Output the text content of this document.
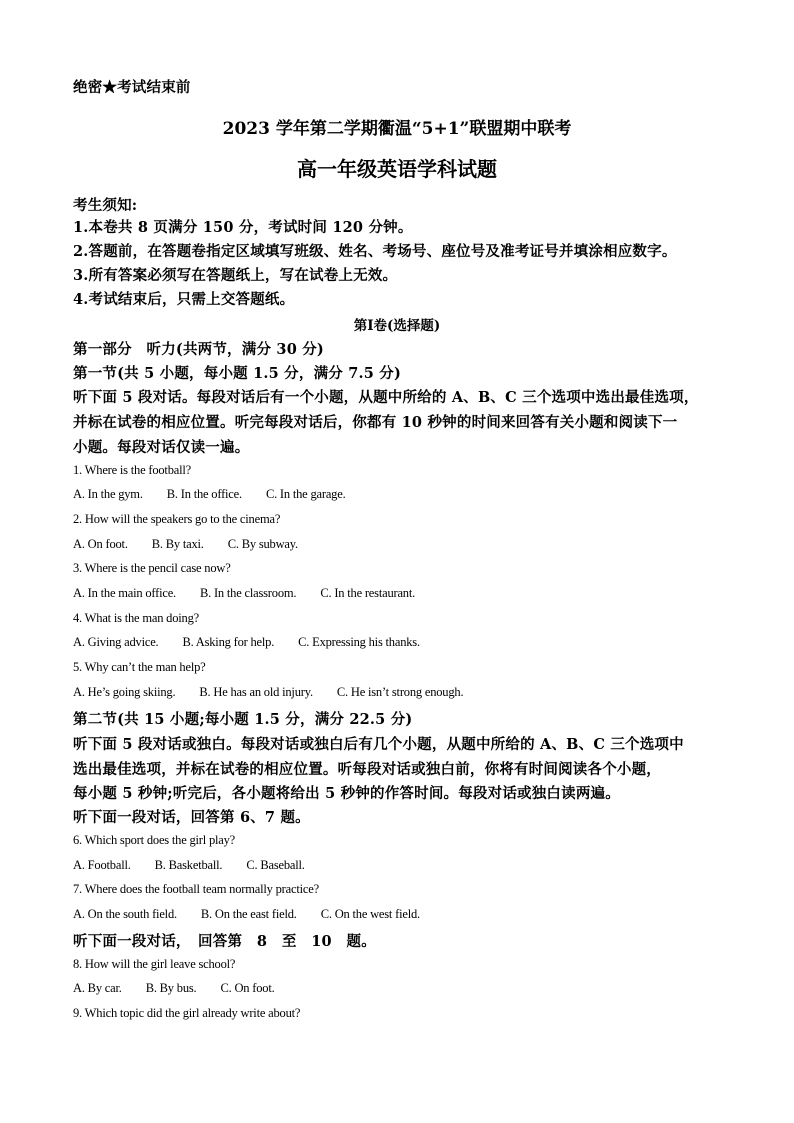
绝密★考试结束前
2023 学年第二学期衢温“5+1”联盟期中联考
高一年级英语学科试题
考生须知:
1.本卷共 8 页满分 150 分，考试时间 120 分钟。
2.答题前，在答题卷指定区域填写班级、姓名、考场号、座位号及准考证号并填涂相应数字。
3.所有答案必须写在答题纸上，写在试卷上无效。
4.考试结束后，只需上交答题纸。
第Ⅰ卷(选择题)
第一部分　听力(共两节，满分 30 分)
第一节(共 5 小题，每小题 1.5 分，满分 7.5 分)
听下面 5 段对话。每段对话后有一个小题，从题中所给的 A、B、C 三个选项中选出最佳选项，
并标在试卷的相应位置。听完每段对话后，你都有 10 秒钟的时间来回答有关小题和阅读下一
小题。每段对话仅读一遍。
1. Where is the football?
A. In the gym. B. In the office. C. In the garage.
2. How will the speakers go to the cinema?
A. On foot. B. By taxi. C. By subway.
3. Where is the pencil case now?
A. In the main office. B. In the classroom. C. In the restaurant.
4. What is the man doing?
A. Giving advice. B. Asking for help. C. Expressing his thanks.
5. Why can’t the man help?
A. He’s going skiing. B. He has an old injury. C. He isn’t strong enough.
第二节(共 15 小题;每小题 1.5 分，满分 22.5 分)
听下面 5 段对话或独白。每段对话或独白后有几个小题，从题中所给的 A、B、C 三个选项中
选出最佳选项，并标在试卷的相应位置。听每段对话或独白前，你将有时间阅读各个小题，
每小题 5 秒钟;听完后，各小题将给出 5 秒钟的作答时间。每段对话或独白读两遍。
听下面一段对话，回答第 6、7 题。
6. Which sport does the girl play?
A. Football. B. Basketball. C. Baseball.
7. Where does the football team normally practice?
A. On the south field. B. On the east field. C. On the west field.
听下面一段对话，　回答第　8　至　10　题。
8. How will the girl leave school?
A. By car. B. By bus. C. On foot.
9. Which topic did the girl already write about?
